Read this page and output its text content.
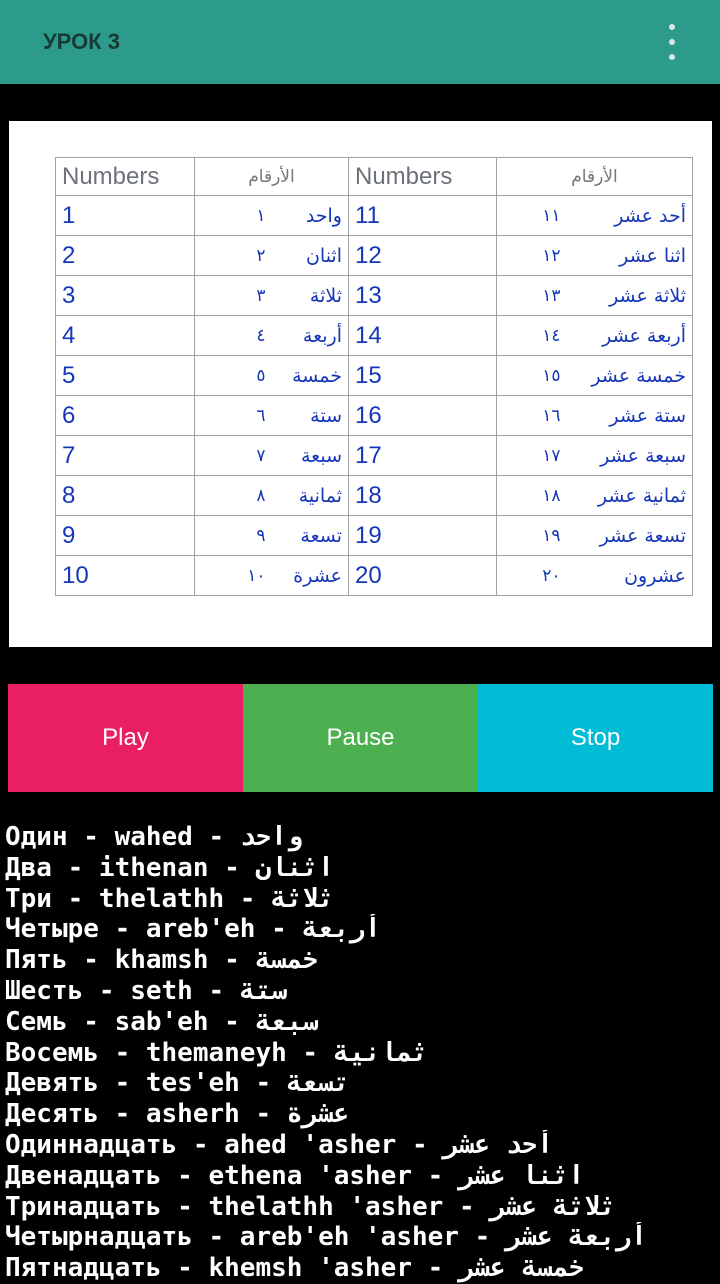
УРОК 3
Numbers	الأرقام		Numbers	الأرقام	
1	١	واحد	11	١١	أحد عشر
2	٢	اثنان	12	١٢	اثنا عشر
3	٣	ثلاثة	13	١٣	ثلاثة عشر
4	٤	أربعة	14	١٤	أربعة عشر
5	٥	خمسة	15	١٥	خمسة عشر
6	٦	ستة	16	١٦	ستة عشر
7	٧	سبعة	17	١٧	سبعة عشر
8	٨	ثمانية	18	١٨	ثمانية عشر
9	٩	تسعة	19	١٩	تسعة عشر
10	١٠	عشرة	20	٢٠	عشرون
Play	Pause	Stop
Один - wahed - واحد
Два - ithenan - اثنان
Три - thelathh - ثلاثة
Четыре - areb'eh - أربعة
Пять - khamsh - خمسة
Шесть - seth - ستة
Семь - sab'eh - سبعة
Восемь - themaneyh - ثمانية
Девять - tes'eh - تسعة
Десять - asherh - عشرة
Одиннадцать - ahed 'asher - أحد عشر
Двенадцать - ethena 'asher - اثنا عشر
Тринадцать - thelathh 'asher - ثلاثة عشر
Четырнадцать - areb'eh 'asher - أربعة عشر
Пятнадцать - khemsh 'asher - خمسة عشر
